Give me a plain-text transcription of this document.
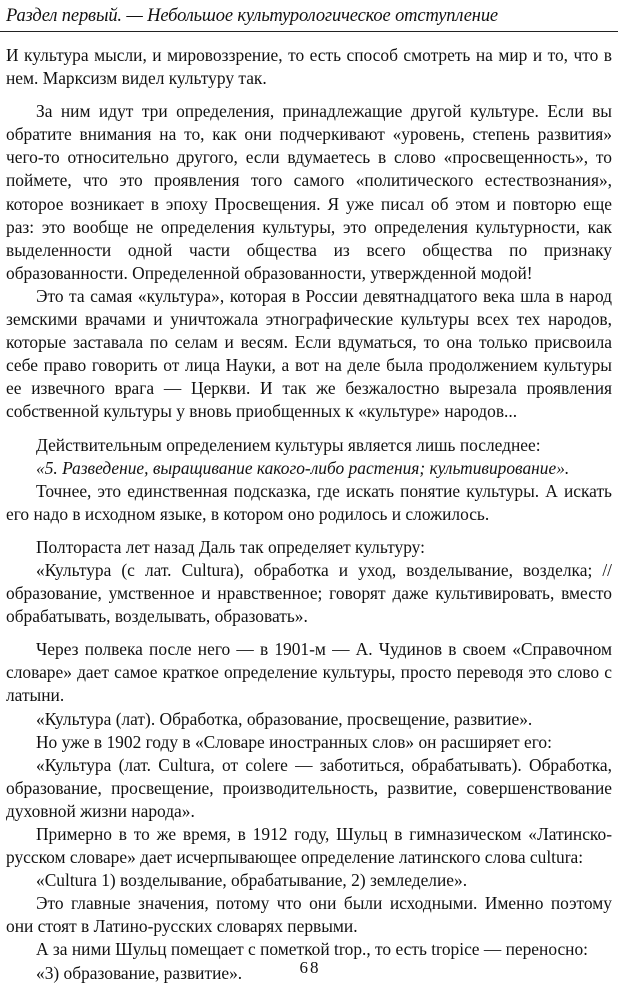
Раздел первый. — Небольшое культурологическое отступление

И культура мысли, и мировоззрение, то есть способ смотреть на мир и то, что в нем. Марксизм видел культуру так.

За ним идут три определения, принадлежащие другой культуре. Если вы обратите внимания на то, как они подчеркивают «уровень, степень развития» чего-то относительно другого, если вдумаетесь в слово «просвещенность», то поймете, что это проявления того самого «политического естествознания», которое возникает в эпоху Просвещения. Я уже писал об этом и повторю еще раз: это вообще не определения культуры, это определения культурности, как выделенности одной части общества из всего общества по признаку образованности. Определенной образованности, утвержденной модой!

Это та самая «культура», которая в России девятнадцатого века шла в народ земскими врачами и уничтожала этнографические культуры всех тех народов, которые заставала по селам и весям. Если вдуматься, то она только присвоила себе право говорить от лица Науки, а вот на деле была продолжением культуры ее извечного врага — Церкви. И так же безжалостно вырезала проявления собственной культуры у вновь приобщенных к «культуре» народов...

Действительным определением культуры является лишь последнее:

«5. Разведение, выращивание какого-либо растения; культивирование».

Точнее, это единственная подсказка, где искать понятие культуры. А искать его надо в исходном языке, в котором оно родилось и сложилось.

Полтораста лет назад Даль так определяет культуру:

«Культура (с лат. Cultura), обработка и уход, возделывание, возделка; // образование, умственное и нравственное; говорят даже культивировать, вместо обрабатывать, возделывать, образовать».

Через полвека после него — в 1901-м — А. Чудинов в своем «Справочном словаре» дает самое краткое определение культуры, просто переводя это слово с латыни.

«Культура (лат). Обработка, образование, просвещение, развитие».

Но уже в 1902 году в «Словаре иностранных слов» он расширяет его:

«Культура (лат. Cultura, от colere — заботиться, обрабатывать). Обработка, образование, просвещение, производительность, развитие, совершенствование духовной жизни народа».

Примерно в то же время, в 1912 году, Шульц в гимназическом «Латинско-русском словаре» дает исчерпывающее определение латинского слова cultura:

«Cultura 1) возделывание, обрабатывание, 2) земледелие».

Это главные значения, потому что они были исходными. Именно поэтому они стоят в Латино-русских словарях первыми.

А за ними Шульц помещает с пометкой trop., то есть tropice — переносно:

«3) образование, развитие».	68
